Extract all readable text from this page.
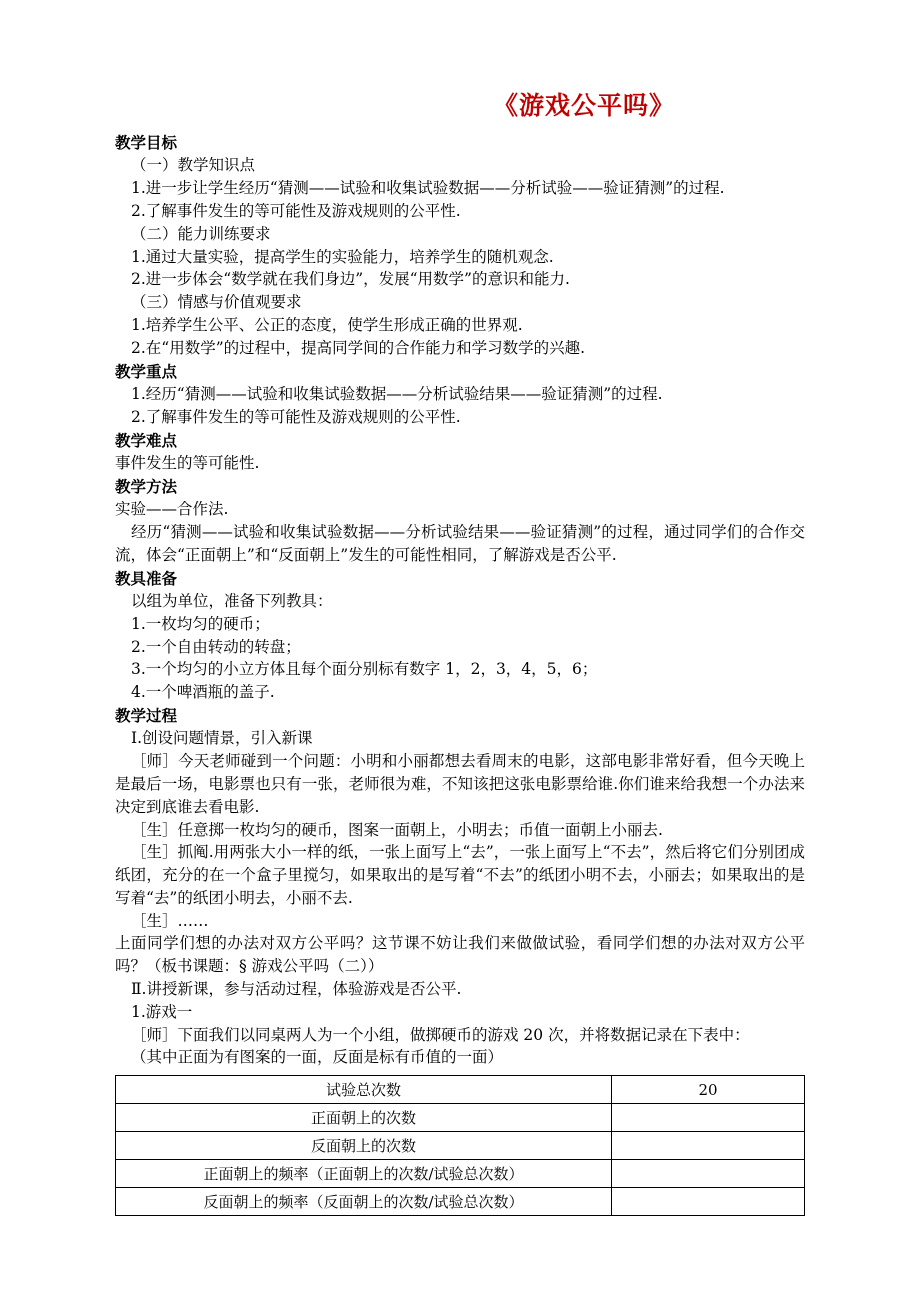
《游戏公平吗》
教学目标

（一）教学知识点

1.进一步让学生经历“猜测——试验和收集试验数据——分析试验——验证猜测”的过程.

2.了解事件发生的等可能性及游戏规则的公平性.

（二）能力训练要求

1.通过大量实验，提高学生的实验能力，培养学生的随机观念.

2.进一步体会“数学就在我们身边”，发展“用数学”的意识和能力.

（三）情感与价值观要求

1.培养学生公平、公正的态度，使学生形成正确的世界观.

2.在“用数学”的过程中，提高同学间的合作能力和学习数学的兴趣.

教学重点

1.经历“猜测——试验和收集试验数据——分析试验结果——验证猜测”的过程.

2.了解事件发生的等可能性及游戏规则的公平性.

教学难点

事件发生的等可能性.

教学方法

实验——合作法.

经历“猜测——试验和收集试验数据——分析试验结果——验证猜测”的过程，通过同学们的合作交流，体会“正面朝上”和“反面朝上”发生的可能性相同，了解游戏是否公平.

教具准备

以组为单位，准备下列教具：

1.一枚均匀的硬币；

2.一个自由转动的转盘；

3.一个均匀的小立方体且每个面分别标有数字 1，2，3，4，5，6；

4.一个啤酒瓶的盖子.

教学过程

Ⅰ.创设问题情景，引入新课

［师］今天老师碰到一个问题：小明和小丽都想去看周末的电影，这部电影非常好看，但今天晚上是最后一场，电影票也只有一张，老师很为难，不知该把这张电影票给谁.你们谁来给我想一个办法来决定到底谁去看电影.

［生］任意掷一枚均匀的硬币，图案一面朝上，小明去；币值一面朝上小丽去.

［生］抓阄.用两张大小一样的纸，一张上面写上“去”，一张上面写上“不去”，然后将它们分别团成纸团，充分的在一个盒子里搅匀，如果取出的是写着“不去”的纸团小明不去，小丽去；如果取出的是写着“去”的纸团小明去，小丽不去.

［生］……

上面同学们想的办法对双方公平吗？这节课不妨让我们来做做试验，看同学们想的办法对双方公平吗？（板书课题：§ 游戏公平吗（二））

Ⅱ.讲授新课，参与活动过程，体验游戏是否公平.

1.游戏一

［师］下面我们以同桌两人为一个小组，做掷硬币的游戏 20 次，并将数据记录在下表中：

（其中正面为有图案的一面，反面是标有币值的一面）

试验总次数	20
正面朝上的次数	
反面朝上的次数	
正面朝上的频率（正面朝上的次数/试验总次数）	
反面朝上的频率（反面朝上的次数/试验总次数）	
